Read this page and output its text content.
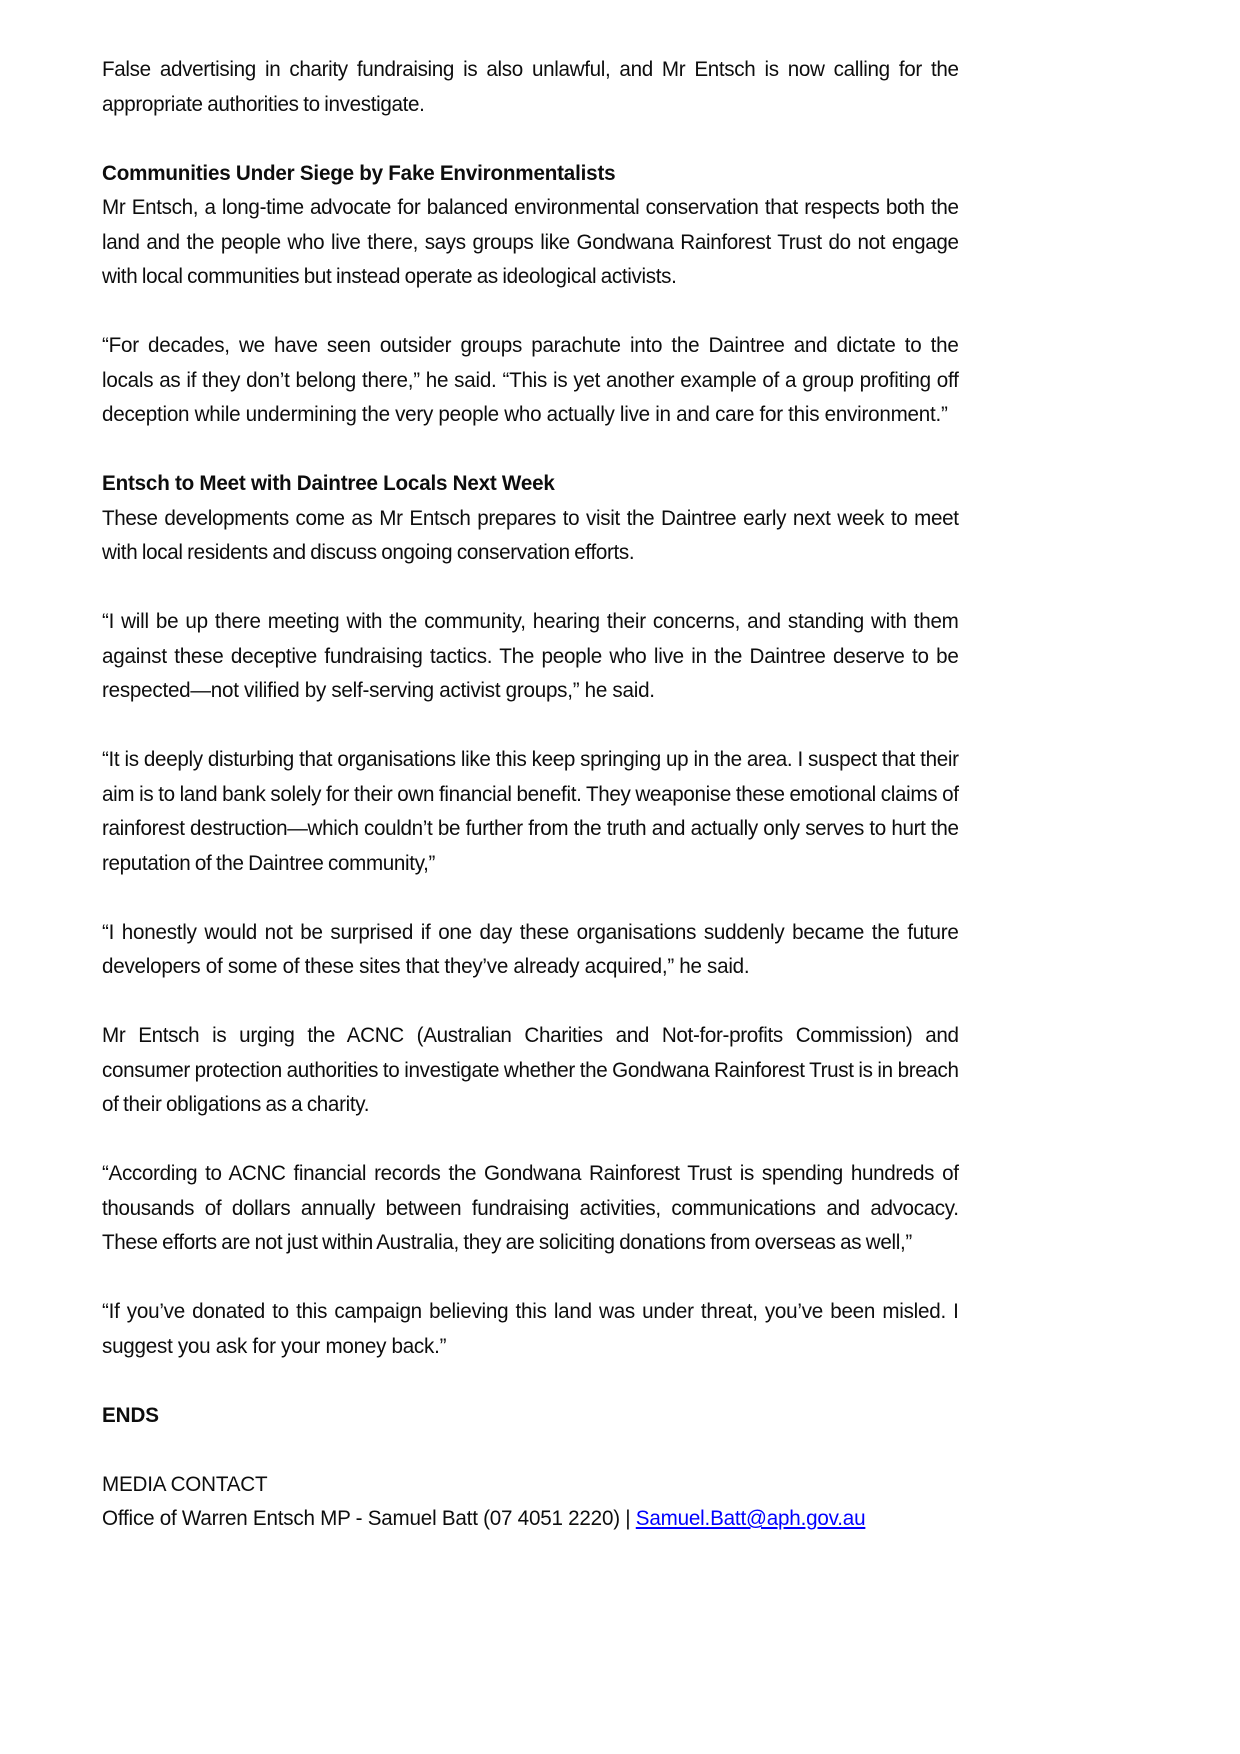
False advertising in charity fundraising is also unlawful, and Mr Entsch is now calling for the appropriate authorities to investigate.

Communities Under Siege by Fake Environmentalists

Mr Entsch, a long-time advocate for balanced environmental conservation that respects both the land and the people who live there, says groups like Gondwana Rainforest Trust do not engage with local communities but instead operate as ideological activists.

“For decades, we have seen outsider groups parachute into the Daintree and dictate to the locals as if they don’t belong there,” he said. “This is yet another example of a group profiting off deception while undermining the very people who actually live in and care for this environment.”

Entsch to Meet with Daintree Locals Next Week

These developments come as Mr Entsch prepares to visit the Daintree early next week to meet with local residents and discuss ongoing conservation efforts.

“I will be up there meeting with the community, hearing their concerns, and standing with them against these deceptive fundraising tactics. The people who live in the Daintree deserve to be respected—not vilified by self-serving activist groups,” he said.

“It is deeply disturbing that organisations like this keep springing up in the area. I suspect that their aim is to land bank solely for their own financial benefit. They weaponise these emotional claims of rainforest destruction—which couldn’t be further from the truth and actually only serves to hurt the reputation of the Daintree community,”

“I honestly would not be surprised if one day these organisations suddenly became the future developers of some of these sites that they’ve already acquired,” he said.

Mr Entsch is urging the ACNC (Australian Charities and Not-for-profits Commission) and consumer protection authorities to investigate whether the Gondwana Rainforest Trust is in breach of their obligations as a charity.

“According to ACNC financial records the Gondwana Rainforest Trust is spending hundreds of thousands of dollars annually between fundraising activities, communications and advocacy. These efforts are not just within Australia, they are soliciting donations from overseas as well,”

“If you’ve donated to this campaign believing this land was under threat, you’ve been misled. I suggest you ask for your money back.”

ENDS

MEDIA CONTACT

Office of Warren Entsch MP - Samuel Batt (07 4051 2220) | Samuel.Batt@aph.gov.au
